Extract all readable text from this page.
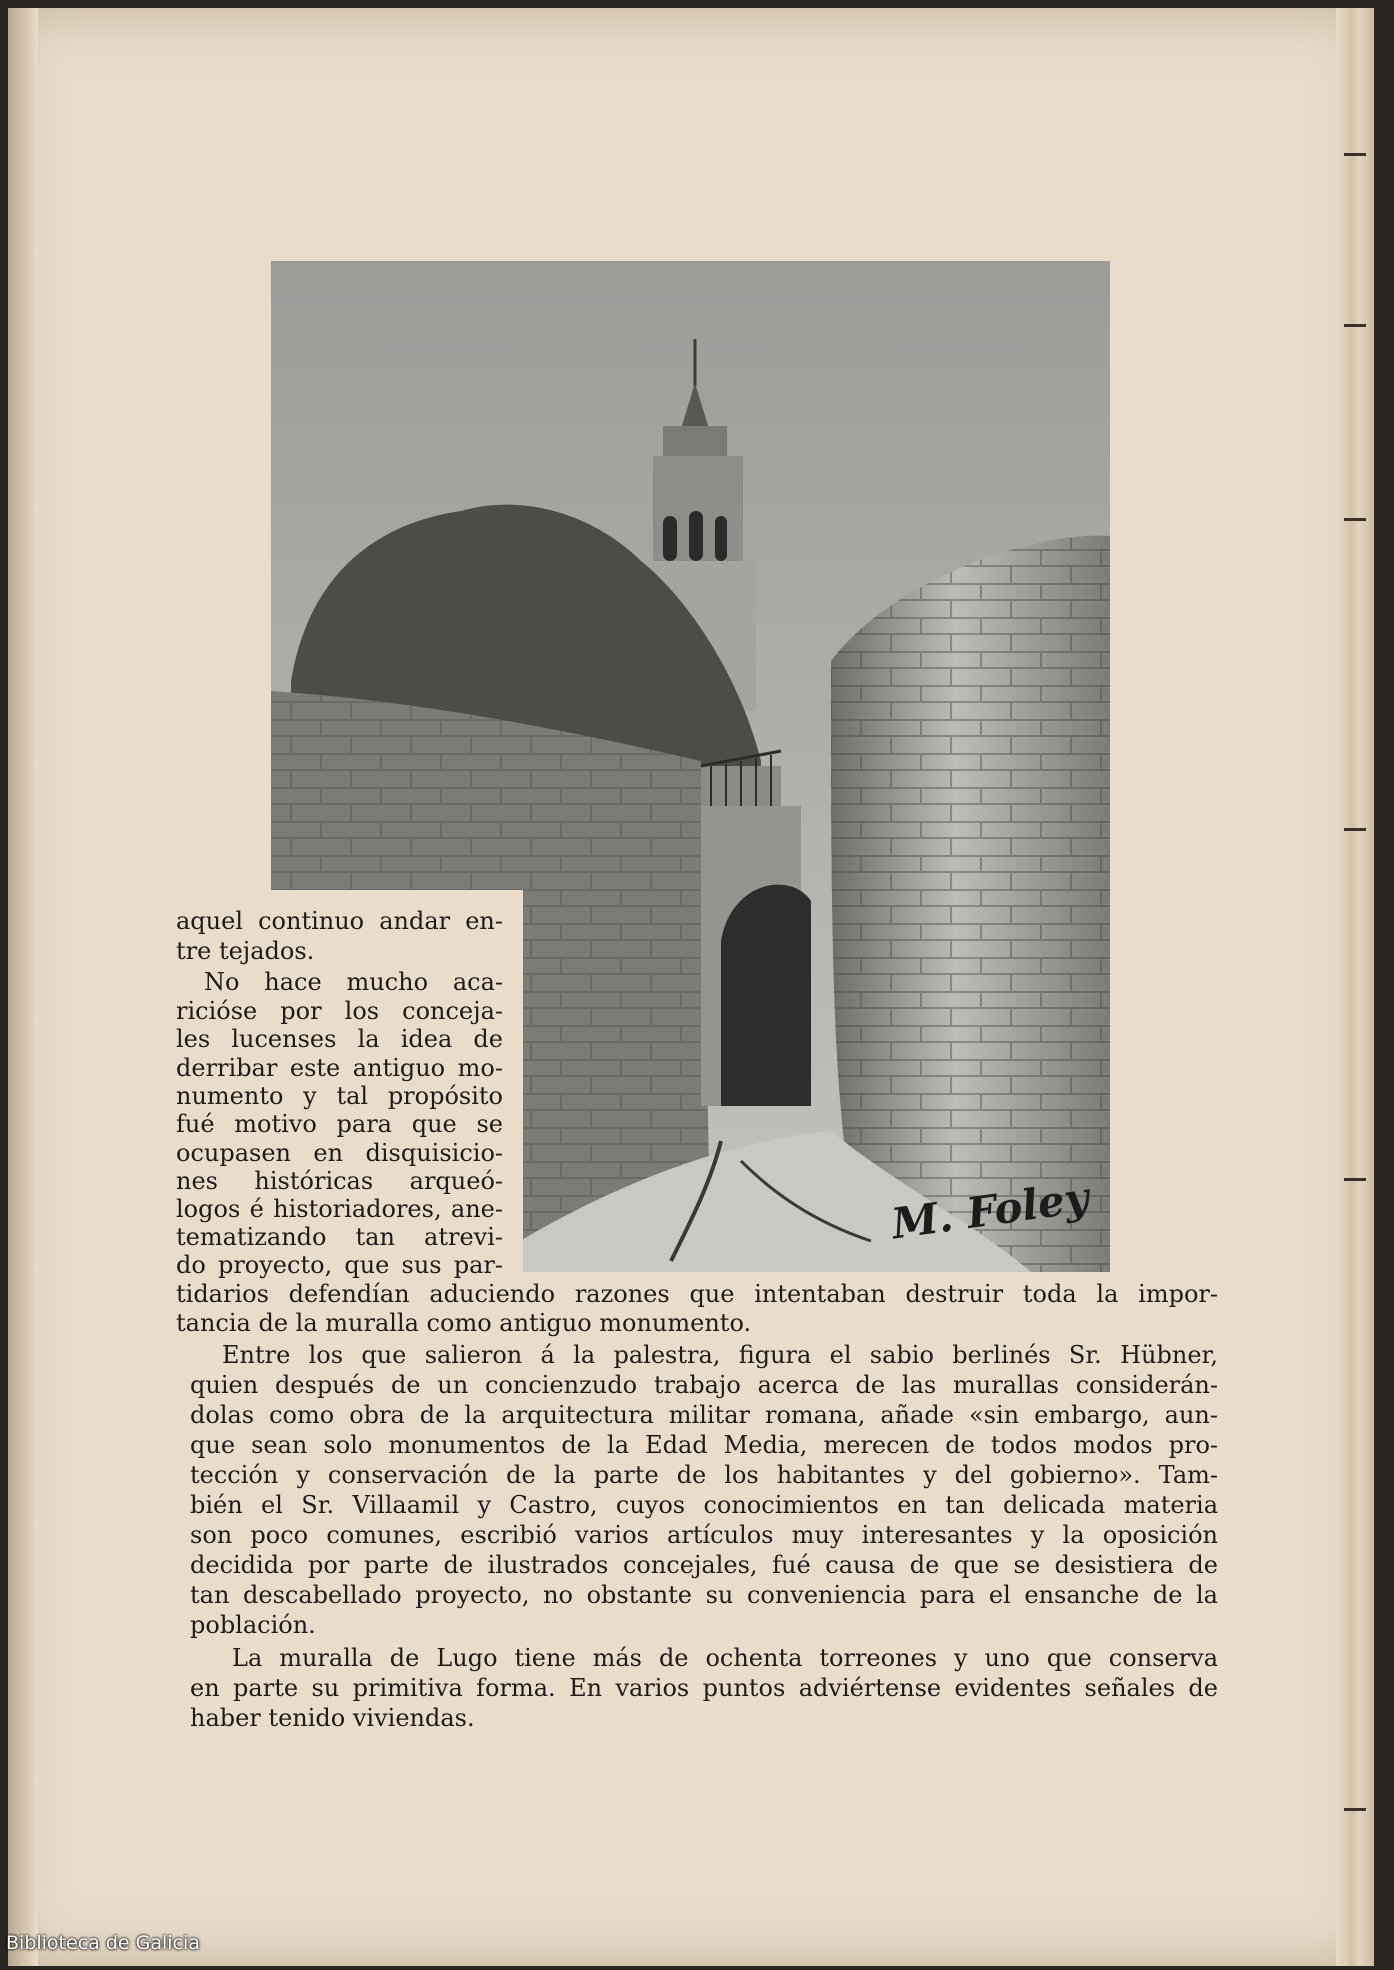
M. Foley

aquel continuo andar en-

tre tejados.

No hace mucho aca-

ricióse por los conceja-

les lucenses la idea de

derribar este antiguo mo-

numento y tal propósito

fué motivo para que se

ocupasen en disquisicio-

nes históricas arqueó-

logos é historiadores, ane-

tematizando tan atrevi-

do proyecto, que sus par-

tidarios defendían aduciendo razones que intentaban destruir toda la impor-

tancia de la muralla como antiguo monumento.

Entre los que salieron á la palestra, figura el sabio berlinés Sr. Hübner,

quien después de un concienzudo trabajo acerca de las murallas considerán-

dolas como obra de la arquitectura militar romana, añade «sin embargo, aun-

que sean solo monumentos de la Edad Media, merecen de todos modos pro-

tección y conservación de la parte de los habitantes y del gobierno». Tam-

bién el Sr. Villaamil y Castro, cuyos conocimientos en tan delicada materia

son poco comunes, escribió varios artículos muy interesantes y la oposición

decidida por parte de ilustrados concejales, fué causa de que se desistiera de

tan descabellado proyecto, no obstante su conveniencia para el ensanche de la

población.

La muralla de Lugo tiene más de ochenta torreones y uno que conserva

en parte su primitiva forma. En varios puntos adviértense evidentes señales de

haber tenido viviendas.

Biblioteca de Galicia
